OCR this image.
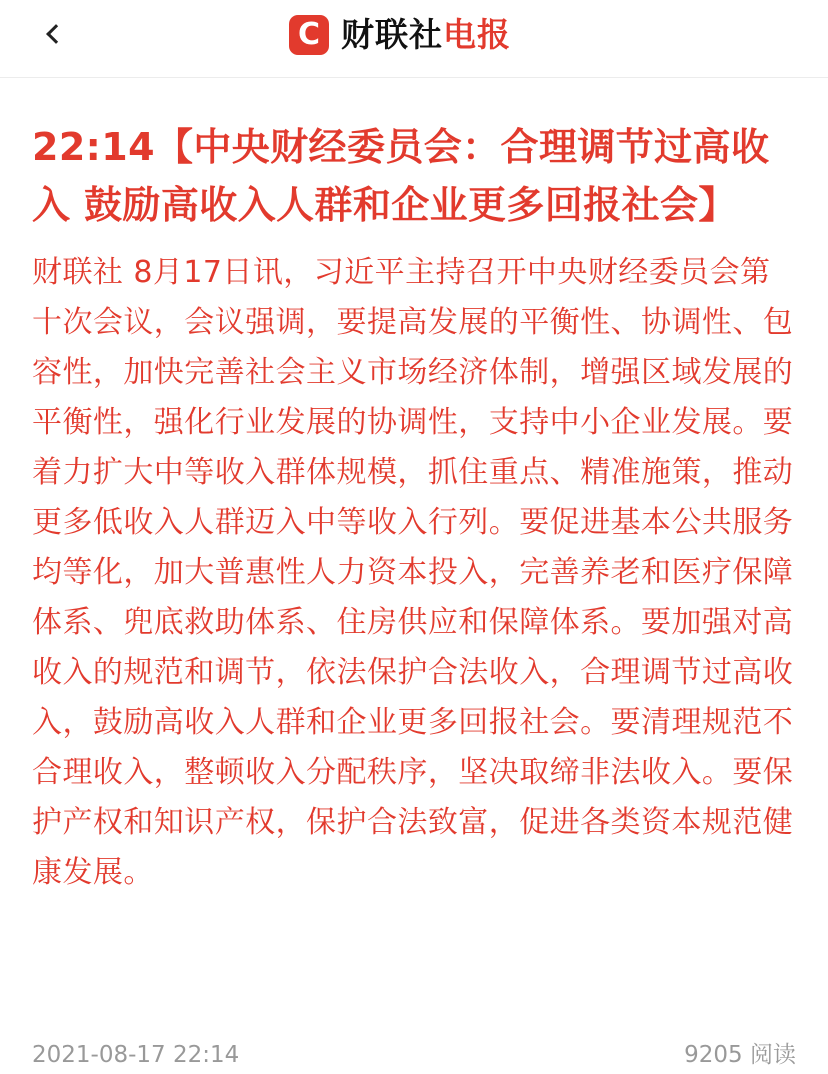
C 财联社电报
22:14【中央财经委员会：合理调节过高收入 鼓励高收入人群和企业更多回报社会】

财联社 8月17日讯，习近平主持召开中央财经委员会第十次会议，会议强调，要提高发展的平衡性、协调性、包容性，加快完善社会主义市场经济体制，增强区域发展的平衡性，强化行业发展的协调性，支持中小企业发展。要着力扩大中等收入群体规模，抓住重点、精准施策，推动更多低收入人群迈入中等收入行列。要促进基本公共服务均等化，加大普惠性人力资本投入，完善养老和医疗保障体系、兜底救助体系、住房供应和保障体系。要加强对高收入的规范和调节，依法保护合法收入，合理调节过高收入，鼓励高收入人群和企业更多回报社会。要清理规范不合理收入，整顿收入分配秩序，坚决取缔非法收入。要保护产权和知识产权，保护合法致富，促进各类资本规范健康发展。

2021-08-17 22:14	9205 阅读
